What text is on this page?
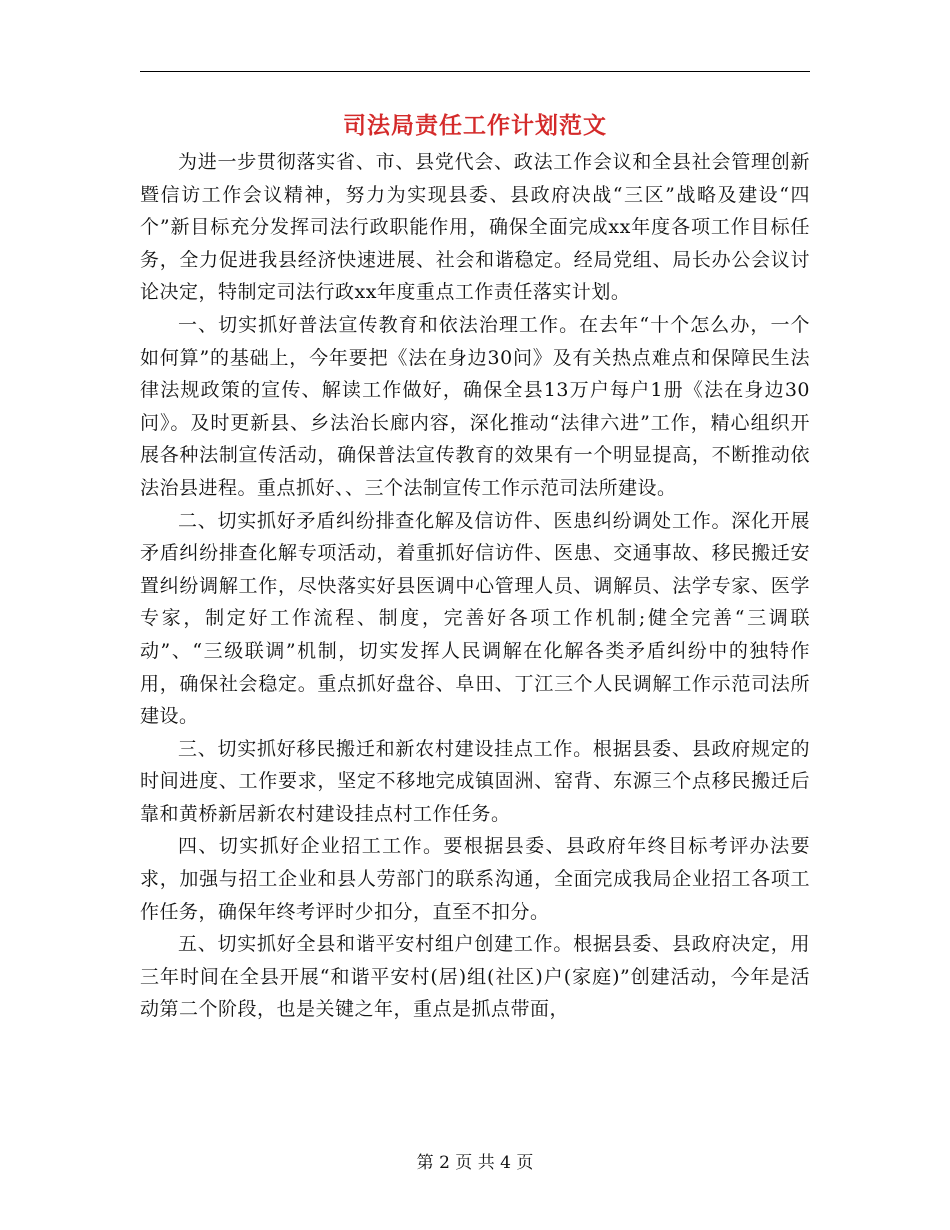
司法局责任工作计划范文

为进一步贯彻落实省、市、县党代会、政法工作会议和全县社会管理创新暨信访工作会议精神，努力为实现县委、县政府决战“三区”战略及建设“四个”新目标充分发挥司法行政职能作用，确保全面完成xx年度各项工作目标任务，全力促进我县经济快速进展、社会和谐稳定。经局党组、局长办公会议讨论决定，特制定司法行政xx年度重点工作责任落实计划。

一、切实抓好普法宣传教育和依法治理工作。在去年“十个怎么办，一个如何算”的基础上，今年要把《法在身边30问》及有关热点难点和保障民生法律法规政策的宣传、解读工作做好，确保全县13万户每户1册《法在身边30问》。及时更新县、乡法治长廊内容，深化推动“法律六进”工作，精心组织开展各种法制宣传活动，确保普法宣传教育的效果有一个明显提高，不断推动依法治县进程。重点抓好、、三个法制宣传工作示范司法所建设。

二、切实抓好矛盾纠纷排查化解及信访件、医患纠纷调处工作。深化开展矛盾纠纷排查化解专项活动，着重抓好信访件、医患、交通事故、移民搬迁安置纠纷调解工作，尽快落实好县医调中心管理人员、调解员、法学专家、医学专家，制定好工作流程、制度，完善好各项工作机制;健全完善“三调联动”、“三级联调”机制，切实发挥人民调解在化解各类矛盾纠纷中的独特作用，确保社会稳定。重点抓好盘谷、阜田、丁江三个人民调解工作示范司法所建设。

三、切实抓好移民搬迁和新农村建设挂点工作。根据县委、县政府规定的时间进度、工作要求，坚定不移地完成镇固洲、窑背、东源三个点移民搬迁后靠和黄桥新居新农村建设挂点村工作任务。

四、切实抓好企业招工工作。要根据县委、县政府年终目标考评办法要求，加强与招工企业和县人劳部门的联系沟通，全面完成我局企业招工各项工作任务，确保年终考评时少扣分，直至不扣分。

五、切实抓好全县和谐平安村组户创建工作。根据县委、县政府决定，用三年时间在全县开展“和谐平安村(居)组(社区)户(家庭)”创建活动，今年是活动第二个阶段，也是关键之年，重点是抓点带面，

第 2 页 共 4 页
